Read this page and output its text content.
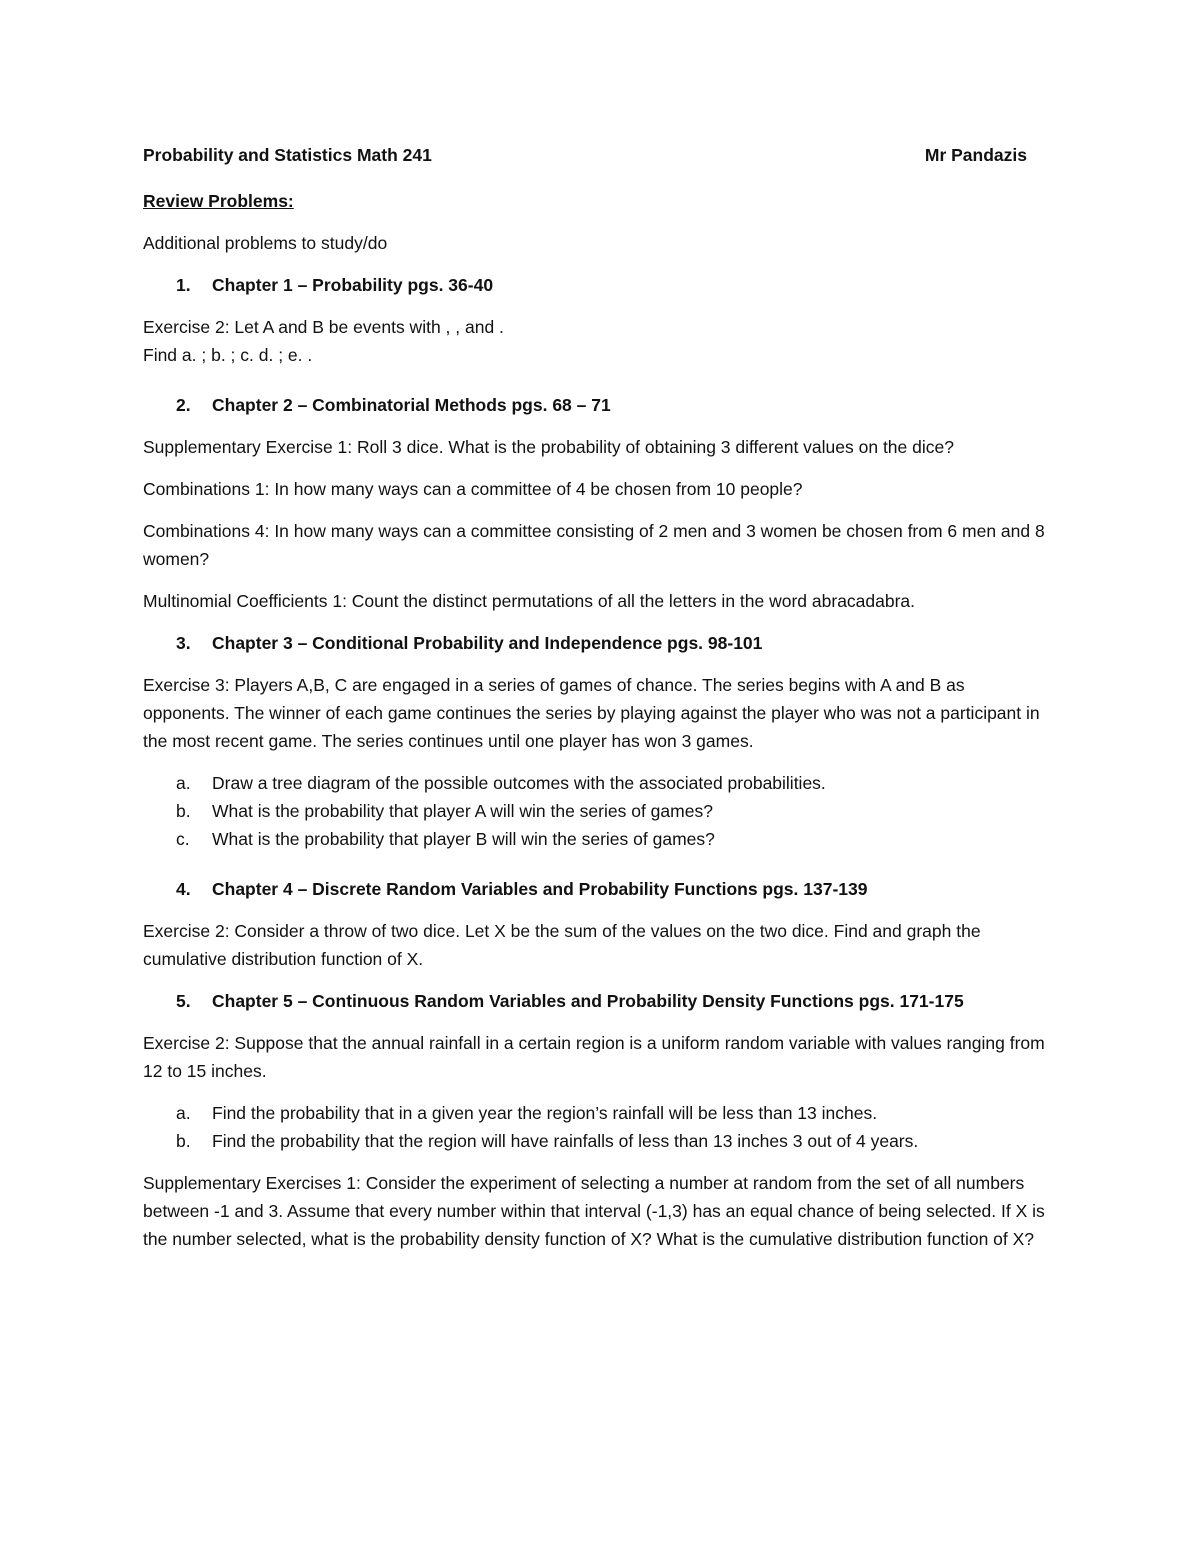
Probability and Statistics Math 241	Mr Pandazis

Review Problems:

Additional problems to study/do

1.	Chapter 1 – Probability pgs. 36-40

Exercise 2: Let A and B be events with , , and .

Find a. ; b. ; c. d. ; e. .

2.	Chapter 2 – Combinatorial Methods pgs. 68 – 71

Supplementary Exercise 1: Roll 3 dice. What is the probability of obtaining 3 different values on the dice?

Combinations 1: In how many ways can a committee of 4 be chosen from 10 people?

Combinations 4: In how many ways can a committee consisting of 2 men and 3 women be chosen from 6 men and 8 women?

Multinomial Coefficients 1: Count the distinct permutations of all the letters in the word abracadabra.

3.	Chapter 3 – Conditional Probability and Independence pgs. 98-101

Exercise 3: Players A,B, C are engaged in a series of games of chance. The series begins with A and B as opponents. The winner of each game continues the series by playing against the player who was not a participant in the most recent game. The series continues until one player has won 3 games.

a.	Draw a tree diagram of the possible outcomes with the associated probabilities.
b.	What is the probability that player A will win the series of games?
c.	What is the probability that player B will win the series of games?
4.	Chapter 4 – Discrete Random Variables and Probability Functions pgs. 137-139

Exercise 2: Consider a throw of two dice. Let X be the sum of the values on the two dice. Find and graph the cumulative distribution function of X.

5.	Chapter 5 – Continuous Random Variables and Probability Density Functions pgs. 171-175

Exercise 2: Suppose that the annual rainfall in a certain region is a uniform random variable with values ranging from 12 to 15 inches.

a.	Find the probability that in a given year the region’s rainfall will be less than 13 inches.
b.	Find the probability that the region will have rainfalls of less than 13 inches 3 out of 4 years.

Supplementary Exercises 1: Consider the experiment of selecting a number at random from the set of all numbers between -1 and 3. Assume that every number within that interval (-1,3) has an equal chance of being selected. If X is the number selected, what is the probability density function of X? What is the cumulative distribution function of X?
